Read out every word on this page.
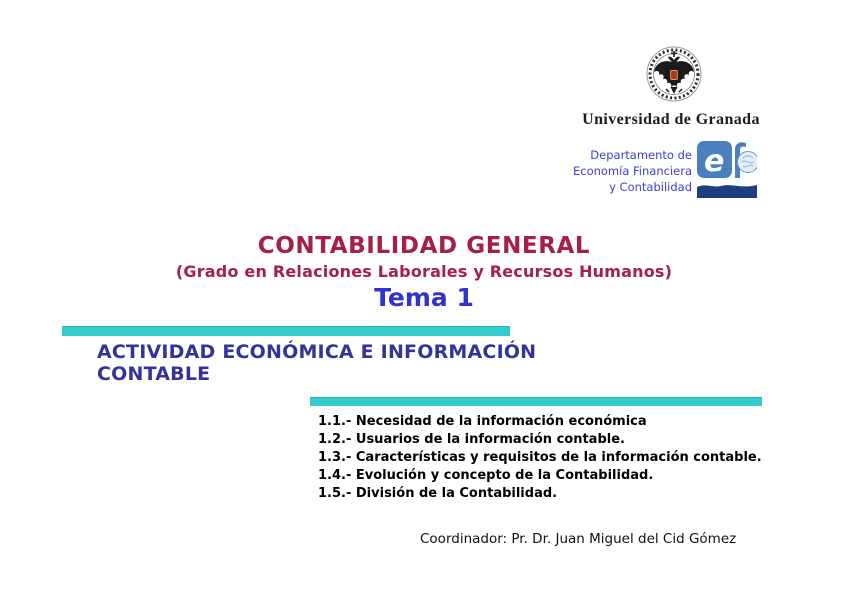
Universidad de Granada
Departamento de
Economía Financiera
y Contabilidad
e
CONTABILIDAD GENERAL
(Grado en Relaciones Laborales y Recursos Humanos)
Tema 1
ACTIVIDAD ECONÓMICA E INFORMACIÓN
CONTABLE
1.1.- Necesidad de la información económica
1.2.- Usuarios de la información contable.
1.3.- Características y requisitos de la información contable.
1.4.- Evolución y concepto de la Contabilidad.
1.5.- División de la Contabilidad.
Coordinador: Pr. Dr. Juan Miguel del Cid Gómez
